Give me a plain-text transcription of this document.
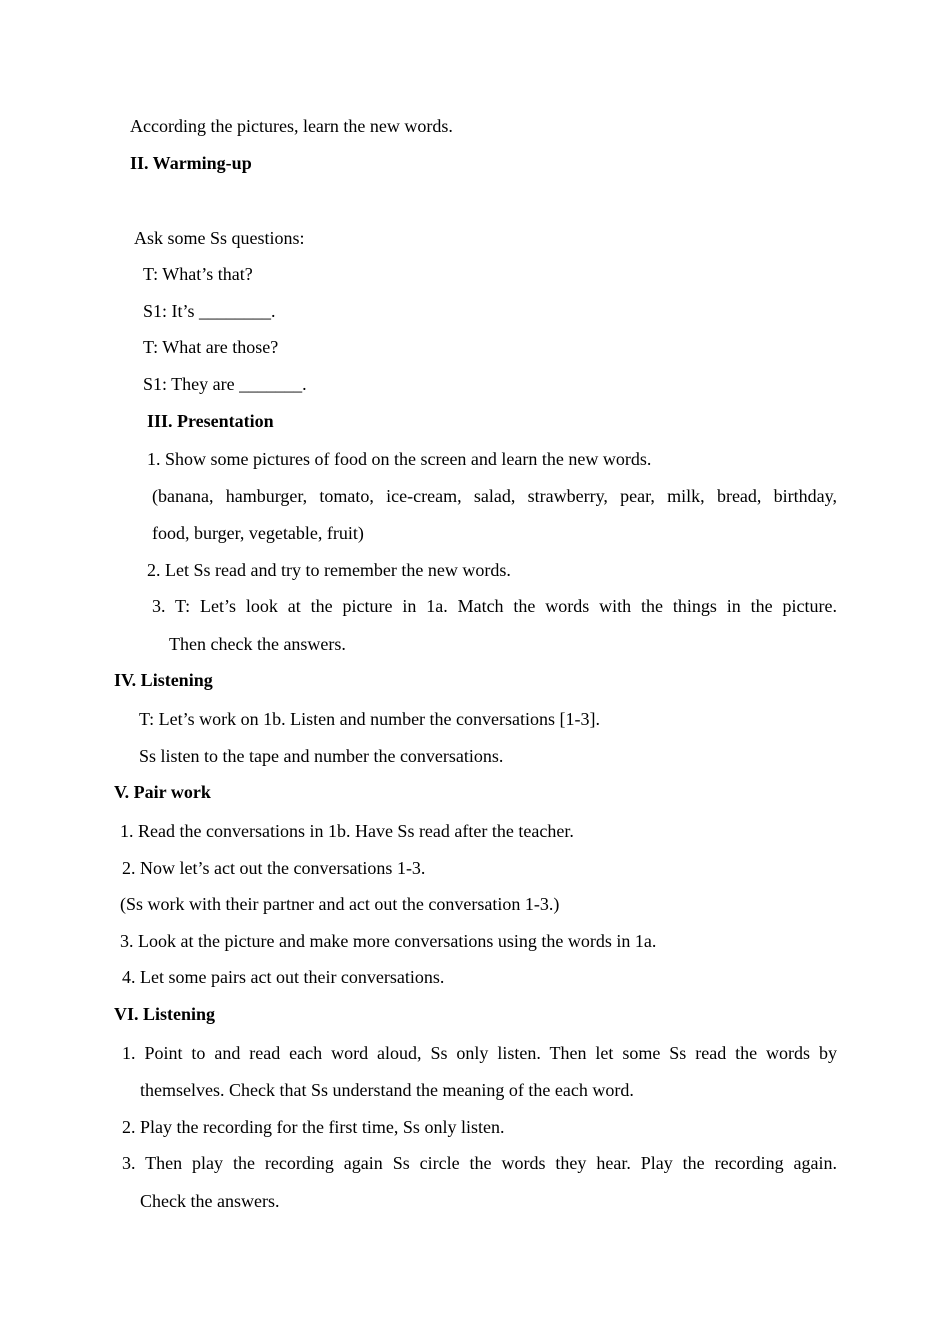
According the pictures, learn the new words.
II. Warming-up
Ask some Ss questions:
T: What’s that?
S1: It’s ________.
T: What are those?
S1: They are _______.
III. Presentation
1. Show some pictures of food on the screen and learn the new words.
(banana, hamburger, tomato, ice-cream, salad, strawberry, pear, milk, bread, birthday,
food, burger, vegetable, fruit)
2. Let Ss read and try to remember the new words.
3. T: Let’s look at the picture in 1a. Match the words with the things in the picture.
Then check the answers.
IV. Listening
T: Let’s work on 1b. Listen and number the conversations [1-3].
Ss listen to the tape and number the conversations.
V. Pair work
1. Read the conversations in 1b. Have Ss read after the teacher.
2. Now let’s act out the conversations 1-3.
(Ss work with their partner and act out the conversation 1-3.)
3. Look at the picture and make more conversations using the words in 1a.
4. Let some pairs act out their conversations.
VI. Listening
1. Point to and read each word aloud, Ss only listen. Then let some Ss read the words by
themselves. Check that Ss understand the meaning of the each word.
2. Play the recording for the first time, Ss only listen.
3. Then play the recording again Ss circle the words they hear. Play the recording again.
Check the answers.
